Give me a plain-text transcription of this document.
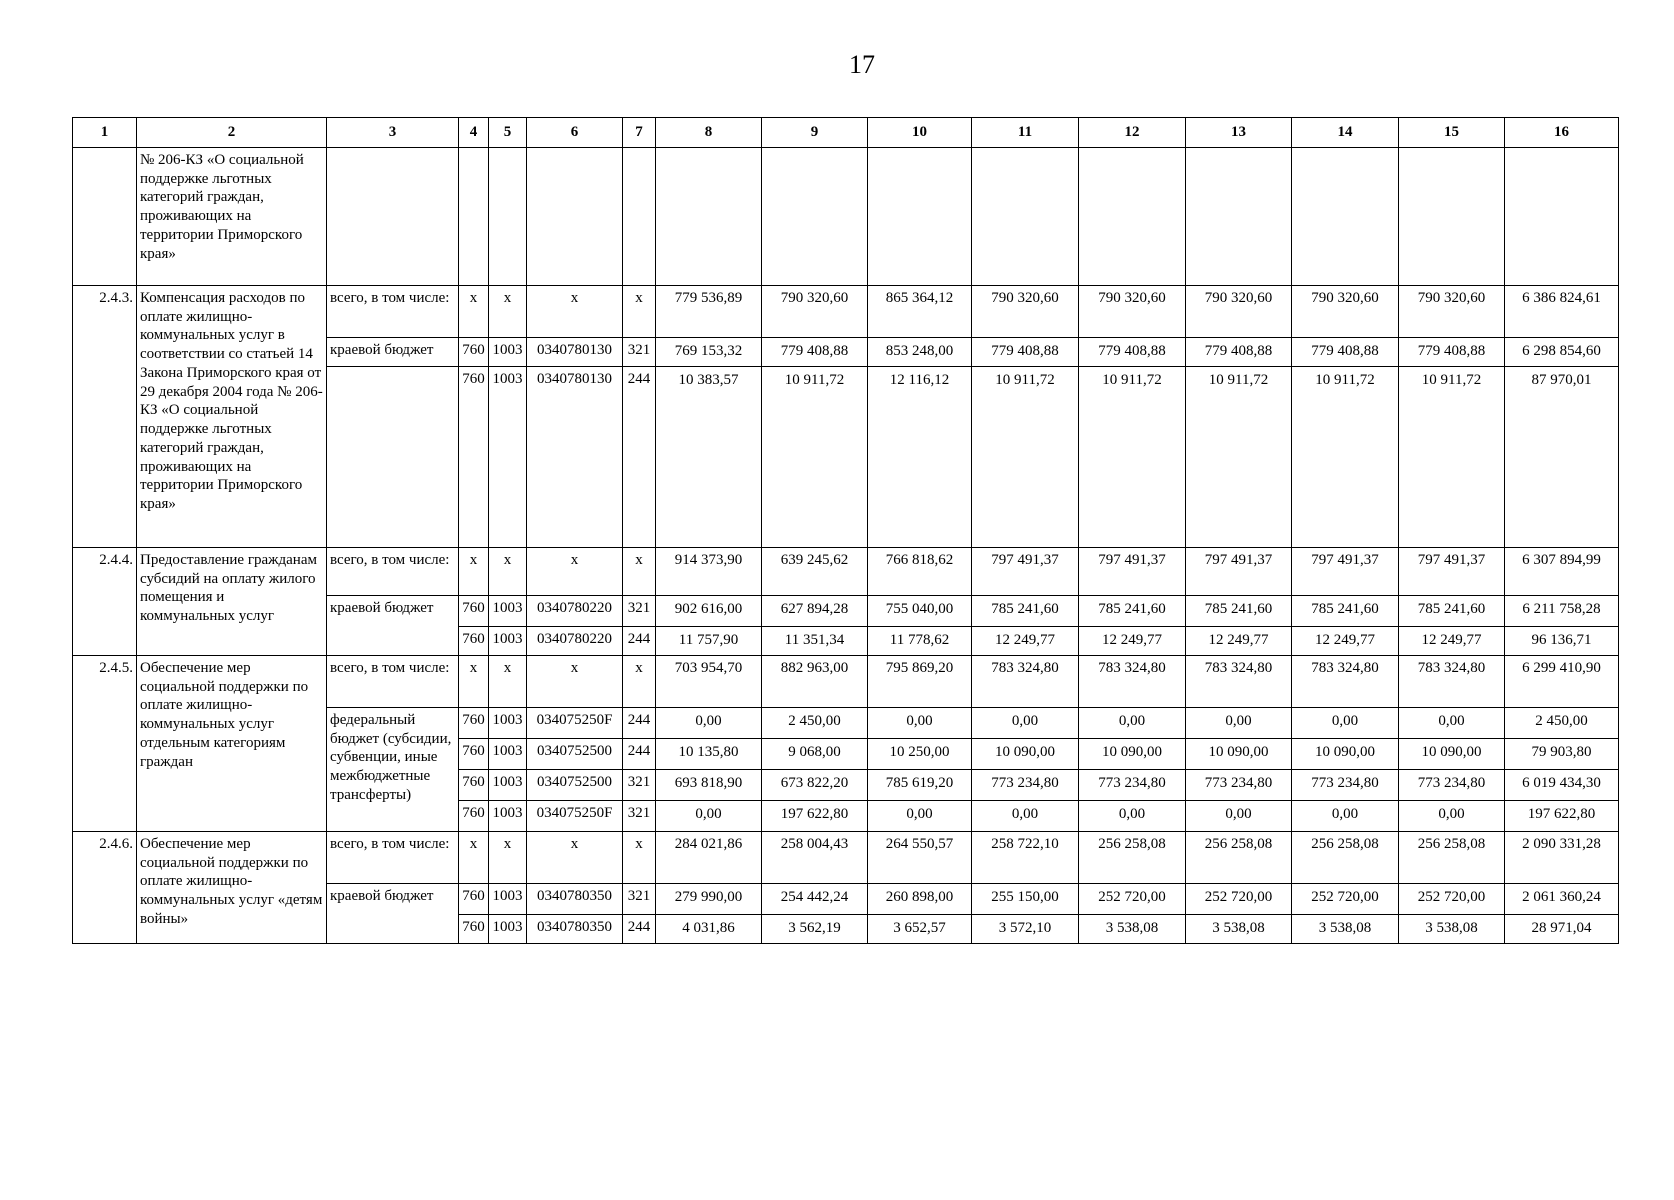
17
1	2	3	4	5	6	7	8	9	10	11	12	13	14	15	16
	№ 206-КЗ «О социальной поддержке льготных категорий граждан, проживающих на территории Приморского края»														
2.4.3.	Компенсация расходов по оплате жилищно-коммунальных услуг в соответствии со статьей 14 Закона Приморского края от 29 декабря 2004 года № 206-КЗ «О социальной поддержке льготных категорий граждан, проживающих на территории Приморского края»	всего, в том числе:	x	x	x	x	779 536,89	790 320,60	865 364,12	790 320,60	790 320,60	790 320,60	790 320,60	790 320,60	6 386 824,61
		краевой бюджет	760	1003	0340780130	321	769 153,32	779 408,88	853 248,00	779 408,88	779 408,88	779 408,88	779 408,88	779 408,88	6 298 854,60
			760	1003	0340780130	244	10 383,57	10 911,72	12 116,12	10 911,72	10 911,72	10 911,72	10 911,72	10 911,72	87 970,01
2.4.4.	Предоставление гражданам субсидий на оплату жилого помещения и коммунальных услуг	всего, в том числе:	x	x	x	x	914 373,90	639 245,62	766 818,62	797 491,37	797 491,37	797 491,37	797 491,37	797 491,37	6 307 894,99
		краевой бюджет	760	1003	0340780220	321	902 616,00	627 894,28	755 040,00	785 241,60	785 241,60	785 241,60	785 241,60	785 241,60	6 211 758,28
			760	1003	0340780220	244	11 757,90	11 351,34	11 778,62	12 249,77	12 249,77	12 249,77	12 249,77	12 249,77	96 136,71
2.4.5.	Обеспечение мер социальной поддержки по оплате жилищно-коммунальных услуг отдельным категориям граждан	всего, в том числе:	x	x	x	x	703 954,70	882 963,00	795 869,20	783 324,80	783 324,80	783 324,80	783 324,80	783 324,80	6 299 410,90
		федеральный бюджет (субсидии, субвенции, иные межбюджетные трансферты)	760	1003	034075250F	244	0,00	2 450,00	0,00	0,00	0,00	0,00	0,00	0,00	2 450,00
			760	1003	0340752500	244	10 135,80	9 068,00	10 250,00	10 090,00	10 090,00	10 090,00	10 090,00	10 090,00	79 903,80
			760	1003	0340752500	321	693 818,90	673 822,20	785 619,20	773 234,80	773 234,80	773 234,80	773 234,80	773 234,80	6 019 434,30
			760	1003	034075250F	321	0,00	197 622,80	0,00	0,00	0,00	0,00	0,00	0,00	197 622,80
2.4.6.	Обеспечение мер социальной поддержки по оплате жилищно-коммунальных услуг «детям войны»	всего, в том числе:	x	x	x	x	284 021,86	258 004,43	264 550,57	258 722,10	256 258,08	256 258,08	256 258,08	256 258,08	2 090 331,28
		краевой бюджет	760	1003	0340780350	321	279 990,00	254 442,24	260 898,00	255 150,00	252 720,00	252 720,00	252 720,00	252 720,00	2 061 360,24
			760	1003	0340780350	244	4 031,86	3 562,19	3 652,57	3 572,10	3 538,08	3 538,08	3 538,08	3 538,08	28 971,04
